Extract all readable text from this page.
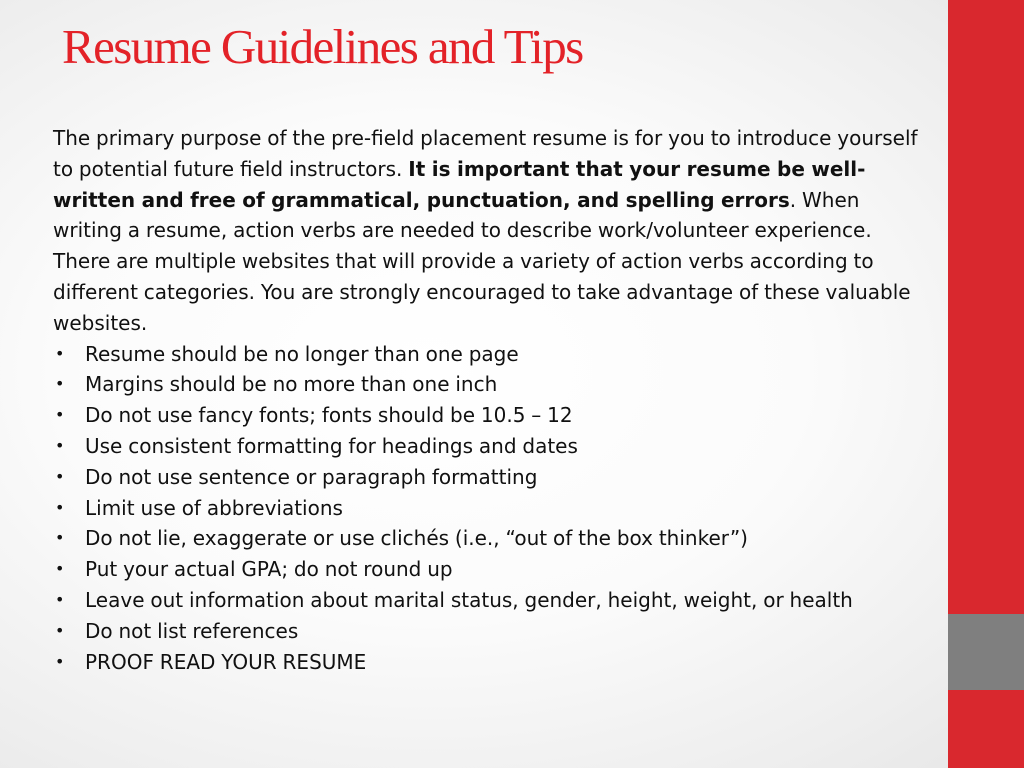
Resume Guidelines and Tips

The primary purpose of the pre-field placement resume is for you to introduce yourself to potential future field instructors. It is important that your resume be well-written and free of grammatical, punctuation, and spelling errors. When writing a resume, action verbs are needed to describe work/volunteer experience. There are multiple websites that will provide a variety of action verbs according to different categories. You are strongly encouraged to take advantage of these valuable websites.

• Resume should be no longer than one page
• Margins should be no more than one inch
• Do not use fancy fonts; fonts should be 10.5 – 12
• Use consistent formatting for headings and dates
• Do not use sentence or paragraph formatting
• Limit use of abbreviations
• Do not lie, exaggerate or use clichés (i.e., “out of the box thinker”)
• Put your actual GPA; do not round up
• Leave out information about marital status, gender, height, weight, or health
• Do not list references
• PROOF READ YOUR RESUME
